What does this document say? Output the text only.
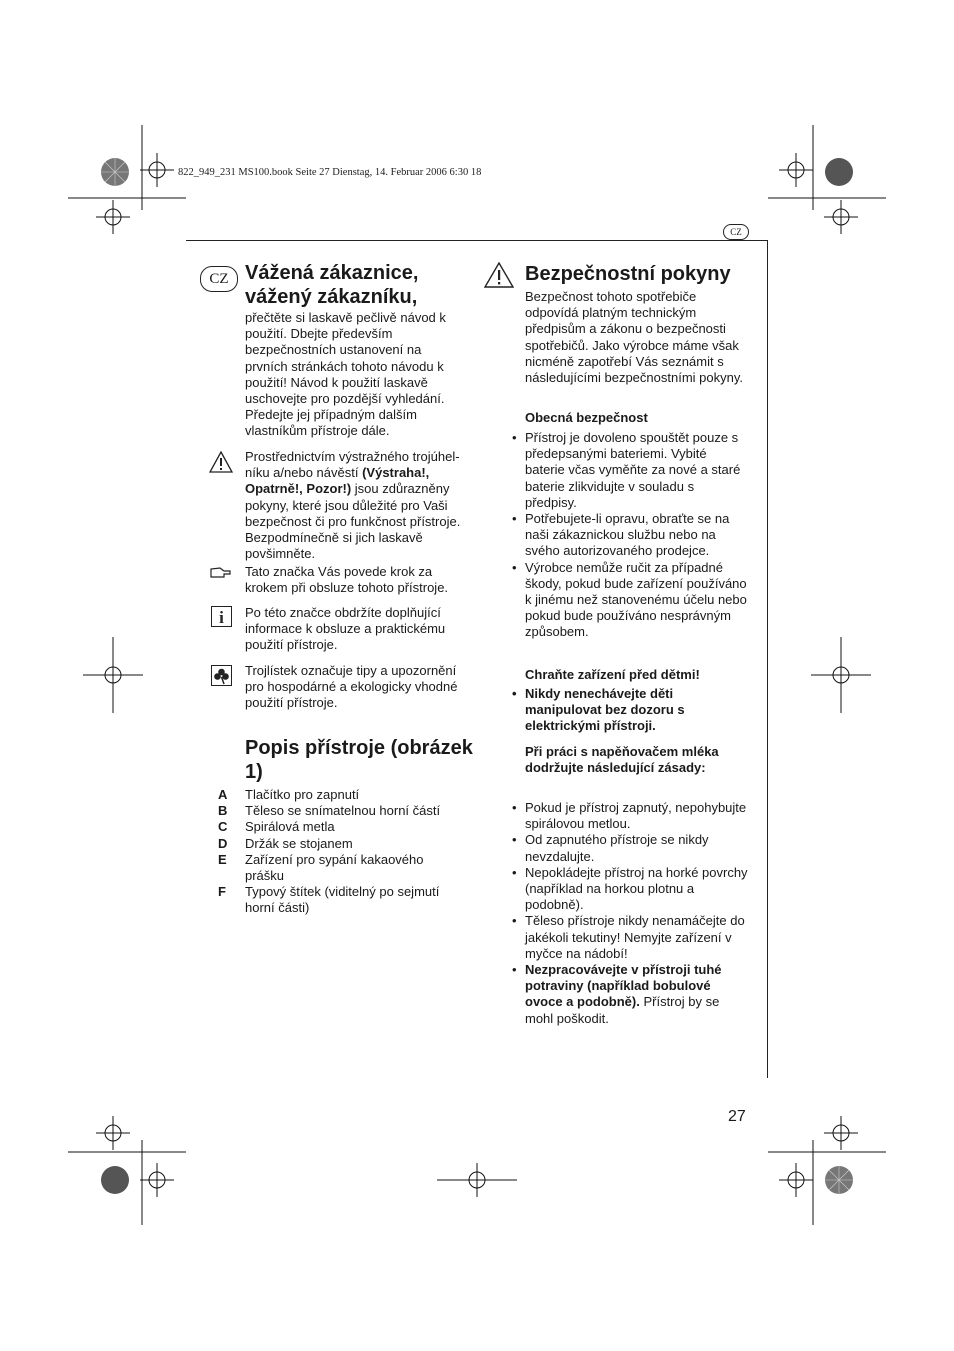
822_949_231 MS100.book Seite 27 Dienstag, 14. Februar 2006 6:30 18
CZ
CZ Vážená zákaznice, vážený zákazníku,
přečtěte si laskavě pečlivě návod k použití. Dbejte především bezpečnostních ustanovení na prvních stránkách tohoto návodu k použití! Návod k použití laskavě uschovejte pro pozdější vyhledání. Předejte jej případným dalším vlastníkům přístroje dále.
Prostřednictvím výstražného trojúhel-níku a/nebo návěstí (Výstraha!, Opatrně!, Pozor!) jsou zdůrazněny pokyny, které jsou důležité pro Vaši bezpečnost či pro funkčnost přístroje. Bezpodmínečně si jich laskavě povšimněte.
Tato značka Vás povede krok za krokem při obsluze tohoto přístroje.
i Po této značce obdržíte doplňující informace k obsluze a praktickému použití přístroje.
Trojlístek označuje tipy a upozornění pro hospodárné a ekologicky vhodné použití přístroje.
Popis přístroje (obrázek 1)
A Tlačítko pro zapnutí
B Těleso se snímatelnou horní částí
C Spirálová metla
D Držák se stojanem
E Zařízení pro sypání kakaového prášku
F Typový štítek (viditelný po sejmutí horní části)
Bezpečnostní pokyny
Bezpečnost tohoto spotřebiče odpovídá platným technickým předpisům a zákonu o bezpečnosti spotřebičů. Jako výrobce máme však nicméně zapotřebí Vás seznámit s následujícími bezpečnostními pokyny.
Obecná bezpečnost
• Přístroj je dovoleno spouštět pouze s předepsanými bateriemi. Vybité baterie včas vyměňte za nové a staré baterie zlikvidujte v souladu s předpisy.
• Potřebujete-li opravu, obraťte se na naši zákaznickou službu nebo na svého autorizovaného prodejce.
• Výrobce nemůže ručit za případné škody, pokud bude zařízení používáno k jinému než stanovenému účelu nebo pokud bude používáno nesprávným způsobem.
Chraňte zařízení před dětmi!
• Nikdy nenechávejte děti manipulovat bez dozoru s elektrickými přístroji.
Při práci s napěňovačem mléka dodržujte následující zásady:
• Pokud je přístroj zapnutý, nepohybujte spirálovou metlou.
• Od zapnutého přístroje se nikdy nevzdalujte.
• Nepokládejte přístroj na horké povrchy (například na horkou plotnu a podobně).
• Těleso přístroje nikdy nenamáčejte do jakékoli tekutiny! Nemyjte zařízení v myčce na nádobí!
• Nezpracovávejte v přístroji tuhé potraviny (například bobulové ovoce a podobně). Přístroj by se mohl poškodit.
27
